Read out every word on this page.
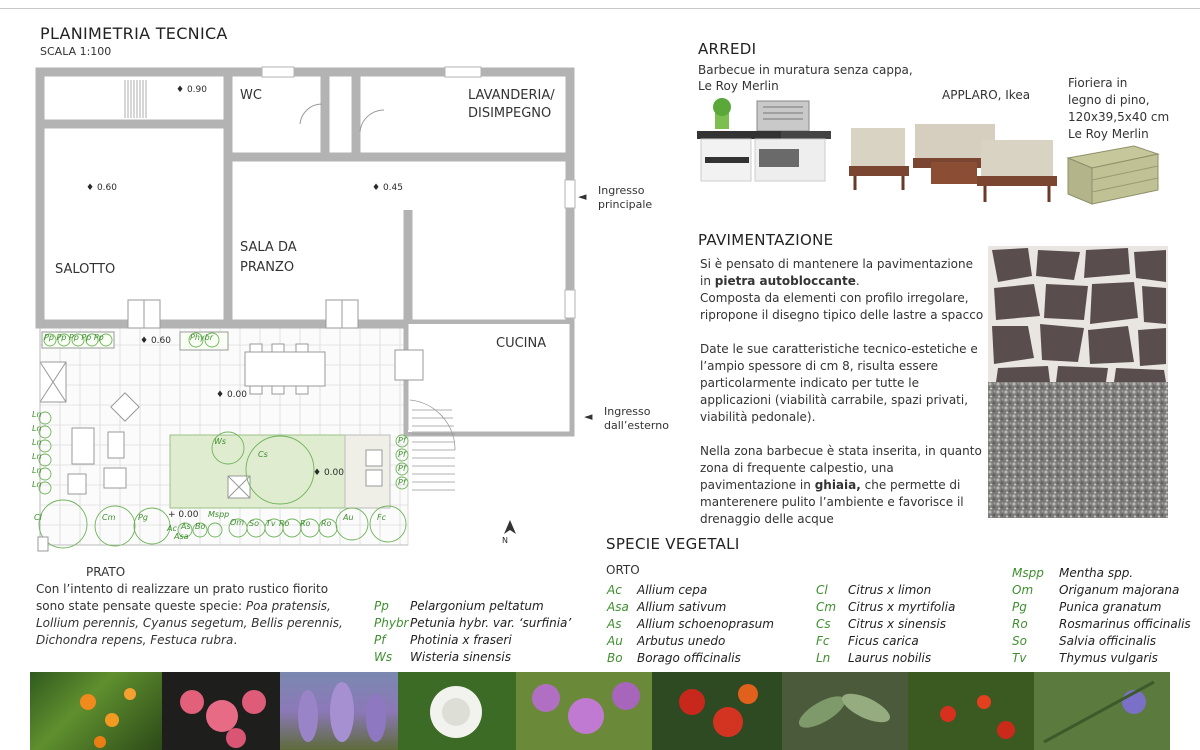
PLANIMETRIA TECNICA
SCALA 1:100
WC	LAVANDERIA/
DISIMPEGNO
SALOTTO
SALA DA
PRANZO
CUCINA
♦ 0.90
♦ 0.60	♦ 0.45
♦ 0.60
♦ 0.00
♦ 0.00
+ 0.00
◄ Ingresso
principale
◄ Ingresso
dall’esterno
N
Pp Pp Pp Pp Pp	Phybr
Ln
Ln
Ln
Ln
Ln
Ln
Pf
Pf
Pf
Pf
Ws
Cs
Cl	Cm	Pg
Ac As Bo
Asa
Mspp
Om So Tv Ro Ro Ro
Au	Fc
PRATO
Con l’intento di realizzare un prato rustico fiorito sono state pensate queste specie: Poa pratensis, Lollium perennis, Cyanus segetum, Bellis perennis, Dichondra repens, Festuca rubra.
Pp Pelargonium peltatum
Phybr Petunia hybr. var. ‘surfinia’
Pf Photinia x fraseri
Ws Wisteria sinensis
ARREDI
Barbecue in muratura senza cappa,
Le Roy Merlin
APPLARO, Ikea
Fioriera in
legno di pino,
120x39,5x40 cm
Le Roy Merlin
PAVIMENTAZIONE
Si è pensato di mantenere la pavimentazione
in pietra autobloccante.
Composta da elementi con profilo irregolare,
ripropone il disegno tipico delle lastre a spacco
Date le sue caratteristiche tecnico-estetiche e
l’ampio spessore di cm 8, risulta essere
particolarmente indicato per tutte le
applicazioni (viabilità carrabile, spazi privati,
viabilità pedonale).
Nella zona barbecue è stata inserita, in quanto
zona di frequente calpestio, una
pavimentazione in ghiaia, che permette di
manterenere pulito l’ambiente e favorisce il
drenaggio delle acque
SPECIE VEGETALI
ORTO
Ac Allium cepa
Asa Allium sativum
As Allium schoenoprasum
Au Arbutus unedo
Bo Borago officinalis
Cl Citrus x limon
Cm Citrus x myrtifolia
Cs Citrus x sinensis
Fc Ficus carica
Ln Laurus nobilis
Mspp Mentha spp.
Om Origanum majorana
Pg	Punica granatum
Ro	Rosmarinus officinalis
So	Salvia officinalis
Tv	Thymus vulgaris
